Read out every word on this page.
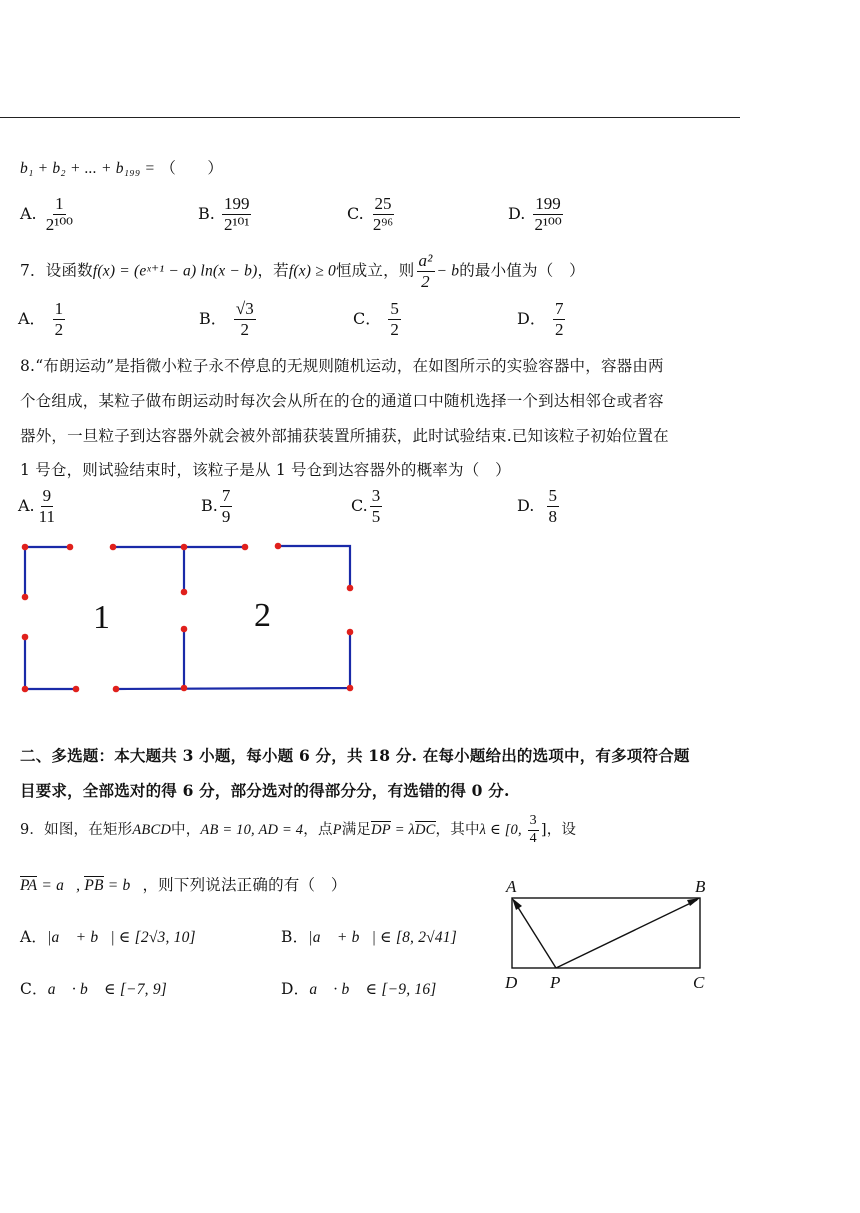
b₁ + b₂ + ... + b₁₉₉ = （　　）
A. $\frac{1}{\text{2¹⁰⁰}}$	B. $\frac{199}{\text{2¹⁰¹}}$	C. $\frac{25}{\text{2⁹⁶}}$	D. $\frac{199}{\text{2¹⁰⁰}}$
7．设函数f(x) = (eˣ⁺¹ − a) ln(x − b)，若f(x) ≥ 0恒成立，则 $\frac{\text{a²}}{2} - b$的最小值为（　）
A． $\frac{1}{2}$	B． $\frac{√3}{2}$	C． $\frac{5}{2}$	D． $\frac{7}{2}$
8.“布朗运动”是指微小粒子永不停息的无规则随机运动，在如图所示的实验容器中，容器由两
个仓组成，某粒子做布朗运动时每次会从所在的仓的通道口中随机选择一个到达相邻仓或者容
器外，一旦粒子到达容器外就会被外部捕获装置所捕获，此时试验结束.已知该粒子初始位置在
1 号仓，则试验结束时，该粒子是从 1 号仓到达容器外的概率为（　）
A. $\frac{9}{11}$	B. $\frac{7}{9}$	C. $\frac{3}{5}$	D. $\frac{5}{8}$
1	2
二、多选题：本大题共 3 小题，每小题 6 分，共 18 分. 在每小题给出的选项中，有多项符合题
目要求，全部选对的得 6 分，部分选对的得部分分，有选错的得 0 分.
9．如图，在矩形ABCD中，AB = 10, AD = 4，点P满足DP = λDC，其中λ ∈ [0, $\frac{3}{4}$ ]，设
PA = a⃗, PB = b⃗，则下列说法正确的有（　）
A．|a⃗ + b⃗| ∈ [2√3, 10]	B．|a⃗ + b⃗| ∈ [8, 2√41]
C．a⃗ · b⃗ ∈ [−7, 9]	D．a⃗ · b⃗ ∈ [−9, 16]
A	B
D P	C
